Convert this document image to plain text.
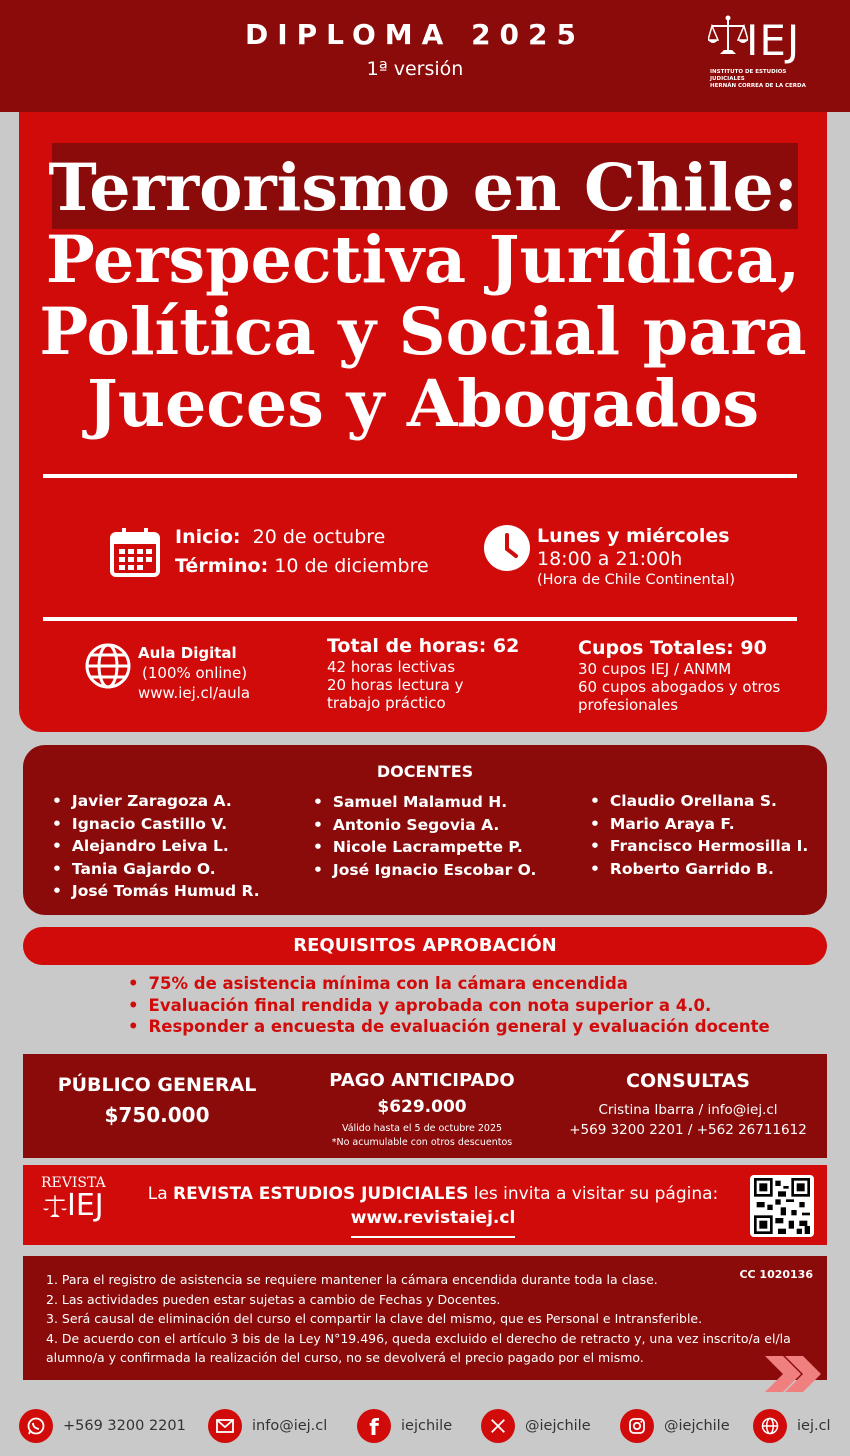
DIPLOMA 2025
1ª versión
IEJ
INSTITUTO DE ESTUDIOS JUDICIALES
HERNÁN CORREA DE LA CERDA
Terrorismo en Chile:
Perspectiva Jurídica,
Política y Social para
Jueces y Abogados
Inicio: 20 de octubre
Término: 10 de diciembre
Lunes y miércoles
18:00 a 21:00h
(Hora de Chile Continental)
Aula Digital
(100% online)
www.iej.cl/aula
Total de horas: 62
42 horas lectivas
20 horas lectura y
trabajo práctico
Cupos Totales: 90
30 cupos IEJ / ANMM
60 cupos abogados y otros
profesionales
DOCENTES
• Javier Zaragoza A.
• Ignacio Castillo V.
• Alejandro Leiva L.
• Tania Gajardo O.
• José Tomás Humud R.
• Samuel Malamud H.
• Antonio Segovia A.
• Nicole Lacrampette P.
• José Ignacio Escobar O.
• Claudio Orellana S.
• Mario Araya F.
• Francisco Hermosilla I.
• Roberto Garrido B.
REQUISITOS APROBACIÓN
• 75% de asistencia mínima con la cámara encendida
• Evaluación final rendida y aprobada con nota superior a 4.0.
• Responder a encuesta de evaluación general y evaluación docente
PÚBLICO GENERAL
$750.000
PAGO ANTICIPADO
$629.000
Válido hasta el 5 de octubre 2025
*No acumulable con otros descuentos
CONSULTAS
Cristina Ibarra / info@iej.cl
+569 3200 2201 / +562 26711612
REVISTA
IEJ	La REVISTA ESTUDIOS JUDICIALES les invita a visitar su página:
www.revistaiej.cl
CC 1020136
1. Para el registro de asistencia se requiere mantener la cámara encendida durante toda la clase.
2. Las actividades pueden estar sujetas a cambio de Fechas y Docentes.
3. Será causal de eliminación del curso el compartir la clave del mismo, que es Personal e Intransferible.
4. De acuerdo con el artículo 3 bis de la Ley N°19.496, queda excluido el derecho de retracto y, una vez inscrito/a el/la alumno/a y confirmada la realización del curso, no se devolverá el precio pagado por el mismo.
+569 3200 2201	info@iej.cl f iejchile	@iejchile	@iejchile	iej.cl
